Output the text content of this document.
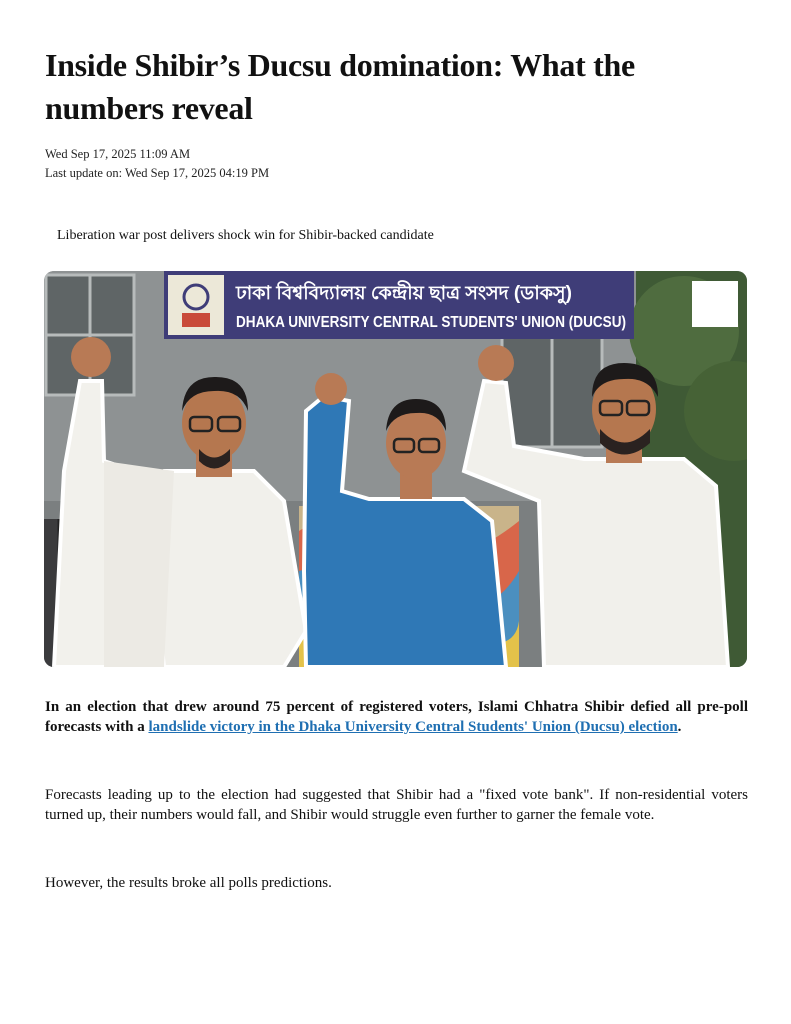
Inside Shibir’s Ducsu domination: What the numbers reveal
Wed Sep 17, 2025 11:09 AM
Last update on: Wed Sep 17, 2025 04:19 PM
Liberation war post delivers shock win for Shibir-backed candidate
ঢাকা বিশ্ববিদ্যালয় কেন্দ্রীয় ছাত্র সংসদ (ডাকসু)
DHAKA UNIVERSITY CENTRAL STUDENTS' UNION (DUCSU)

In an election that drew around 75 percent of registered voters, Islami Chhatra Shibir defied all pre-poll forecasts with a landslide victory in the Dhaka University Central Students' Union (Ducsu) election.

Forecasts leading up to the election had suggested that Shibir had a "fixed vote bank". If non-residential voters turned up, their numbers would fall, and Shibir would struggle even further to garner the female vote.

However, the results broke all polls predictions.
